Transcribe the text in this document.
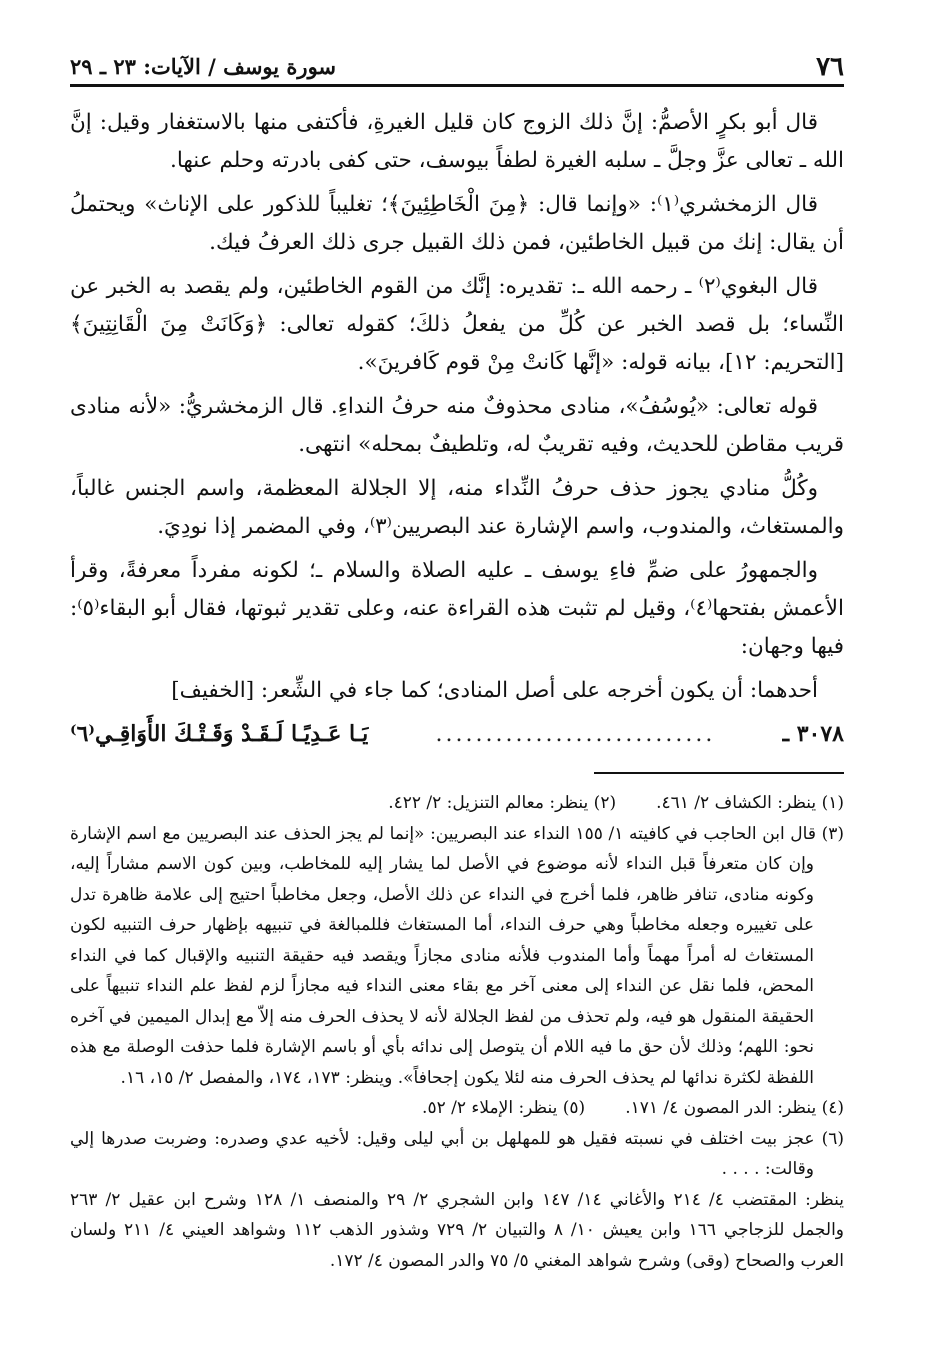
٧٦
سورة يوسف / الآيات: ٢٣ ـ ٢٩

قال أبو بكرٍ الأصمُّ: إنَّ ذلك الزوج كان قليل الغيرةِ، فأكتفى منها بالاستغفار وقيل: إنَّ الله ـ تعالى عزَّ وجلَّ ـ سلبه الغيرة لطفاً بيوسف، حتى كفى بادرته وحلم عنها.

قال الزمخشري⁽١⁾: «وإنما قال: ﴿مِنَ الْخَاطِئِينَ﴾؛ تغليباً للذكور على الإناث» ويحتملُ أن يقال: إنك من قبيل الخاطئين، فمن ذلك القبيل جرى ذلك العرفُ فيك.

قال البغوي⁽٢⁾ ـ رحمه الله ـ: تقديره: إنَّك من القوم الخاطئين، ولم يقصد به الخبر عن النِّساء؛ بل قصد الخبر عن كُلِّ من يفعلُ ذلكَ؛ كقوله تعالى: ﴿وَكَانَتْ مِنَ الْقَانِتِينَ﴾ [التحريم: ١٢]، بيانه قوله: «إنَّها كَانتْ مِنْ قوم كَافرينَ».

قوله تعالى: «يُوسُفُ»، منادى محذوفٌ منه حرفُ النداءِ. قال الزمخشريُّ: «لأنه منادى قريب مقاطن للحديث، وفيه تقريبٌ له، وتلطيفٌ بمحله» انتهى.

وكُلُّ منادي يجوز حذف حرفُ النِّداء منه، إلا الجلالة المعظمة، واسم الجنس غالباً، والمستغاث، والمندوب، واسم الإشارة عند البصريين⁽٣⁾، وفي المضمر إذا نودِيَ.

والجمهورُ على ضمِّ فاءِ يوسف ـ عليه الصلاة والسلام ـ؛ لكونه مفرداً معرفةً، وقرأ الأعمش بفتحها⁽٤⁾، وقيل لم تثبت هذه القراءة عنه، وعلى تقدير ثبوتها، فقال أبو البقاء⁽٥⁾: فيها وجهان:

أحدهما: أن يكون أخرجه على أصل المنادى؛ كما جاء في الشِّعر: [الخفيف]

٣٠٧٨ ـ
............................
يَـا عَـدِيًـا لَـقَـدْ وَقَـتْـكَ الأَوَاقِـي⁽٦⁾
(١) ينظر: الكشاف ٢/ ٤٦١.
(٢) ينظر: معالم التنزيل: ٢/ ٤٢٢.

(٣) قال ابن الحاجب في كافيته ١/ ١٥٥ النداء عند البصريين: «إنما لم يجز الحذف عند البصريين مع اسم الإشارة وإن كان متعرفاً قبل النداء لأنه موضوع في الأصل لما يشار إليه للمخاطب، وبين كون الاسم مشاراً إليه، وكونه منادى، تنافر ظاهر، فلما أخرج في النداء عن ذلك الأصل، وجعل مخاطباً احتيج إلى علامة ظاهرة تدل على تغييره وجعله مخاطباً وهي حرف النداء، أما المستغاث فللمبالغة في تنبيهه بإظهار حرف التنبيه لكون المستغاث له أمراً مهماً وأما المندوب فلأنه منادى مجازاً ويقصد فيه حقيقة التنبيه والإقبال كما في النداء المحض، فلما نقل عن النداء إلى معنى آخر مع بقاء معنى النداء فيه مجازاً لزم لفظ علم النداء تنبيهاً على الحقيقة المنقول هو فيه، ولم تحذف من لفظ الجلالة لأنه لا يحذف الحرف منه إلاّ مع إبدال الميمين في آخره نحو: اللهم؛ وذلك لأن حق ما فيه اللام أن يتوصل إلى ندائه بأي أو باسم الإشارة فلما حذفت الوصلة مع هذه اللفظة لكثرة ندائها لم يحذف الحرف منه لئلا يكون إجحافاً». وينظر: ١٧٣، ١٧٤، والمفصل ٢/ ١٥، ١٦.

(٤) ينظر: الدر المصون ٤/ ١٧١.
(٥) ينظر: الإملاء ٢/ ٥٢.

(٦) عجز بيت اختلف في نسبته فقيل هو للمهلهل بن أبي ليلى وقيل: لأخيه عدي وصدره: وضربت صدرها إلي وقالت: . . . .

ينظر: المقتضب ٤/ ٢١٤ والأغاني ١٤/ ١٤٧ وابن الشجري ٢/ ٢٩ والمنصف ١/ ١٢٨ وشرح ابن عقيل ٢/ ٢٦٣ والجمل للزجاجي ١٦٦ وابن يعيش ١٠/ ٨ والتبيان ٢/ ٧٢٩ وشذور الذهب ١١٢ وشواهد العيني ٤/ ٢١١ ولسان العرب والصحاح (وقى) وشرح شواهد المغني ٥/ ٧٥ والدر المصون ٤/ ١٧٢.
